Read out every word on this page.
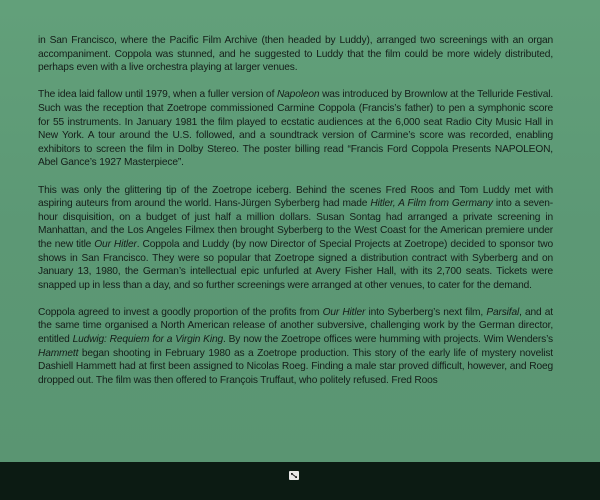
in San Francisco, where the Pacific Film Archive (then headed by Luddy), arranged two screenings with an organ accompaniment. Coppola was stunned, and he suggested to Luddy that the film could be more widely distributed, perhaps even with a live orchestra playing at larger venues.

The idea laid fallow until 1979, when a fuller version of Napoleon was introduced by Brownlow at the Telluride Festival. Such was the reception that Zoetrope commissioned Carmine Coppola (Francis’s father) to pen a symphonic score for 55 instruments. In January 1981 the film played to ecstatic audiences at the 6,000 seat Radio City Music Hall in New York. A tour around the U.S. followed, and a soundtrack version of Carmine’s score was recorded, enabling exhibitors to screen the film in Dolby Stereo. The poster billing read “Francis Ford Coppola Presents NAPOLEON, Abel Gance’s 1927 Masterpiece”.

This was only the glittering tip of the Zoetrope iceberg. Behind the scenes Fred Roos and Tom Luddy met with aspiring auteurs from around the world. Hans-Jürgen Syberberg had made Hitler, A Film from Germany into a seven-hour disquisition, on a budget of just half a million dollars. Susan Sontag had arranged a private screening in Manhattan, and the Los Angeles Filmex then brought Syberberg to the West Coast for the American premiere under the new title Our Hitler. Coppola and Luddy (by now Director of Special Projects at Zoetrope) decided to sponsor two shows in San Francisco. They were so popular that Zoetrope signed a distribution contract with Syberberg and on January 13, 1980, the German’s intellectual epic unfurled at Avery Fisher Hall, with its 2,700 seats. Tickets were snapped up in less than a day, and so further screenings were arranged at other venues, to cater for the demand.

Coppola agreed to invest a goodly proportion of the profits from Our Hitler into Syberberg’s next film, Parsifal, and at the same time organised a North American release of another subversive, challenging work by the German director, entitled Ludwig: Requiem for a Virgin King. By now the Zoetrope offices were humming with projects. Wim Wenders’s Hammett began shooting in February 1980 as a Zoetrope production. This story of the early life of mystery novelist Dashiell Hammett had at first been assigned to Nicolas Roeg. Finding a male star proved difficult, however, and Roeg dropped out. The film was then offered to François Truffaut, who politely refused. Fred Roos
